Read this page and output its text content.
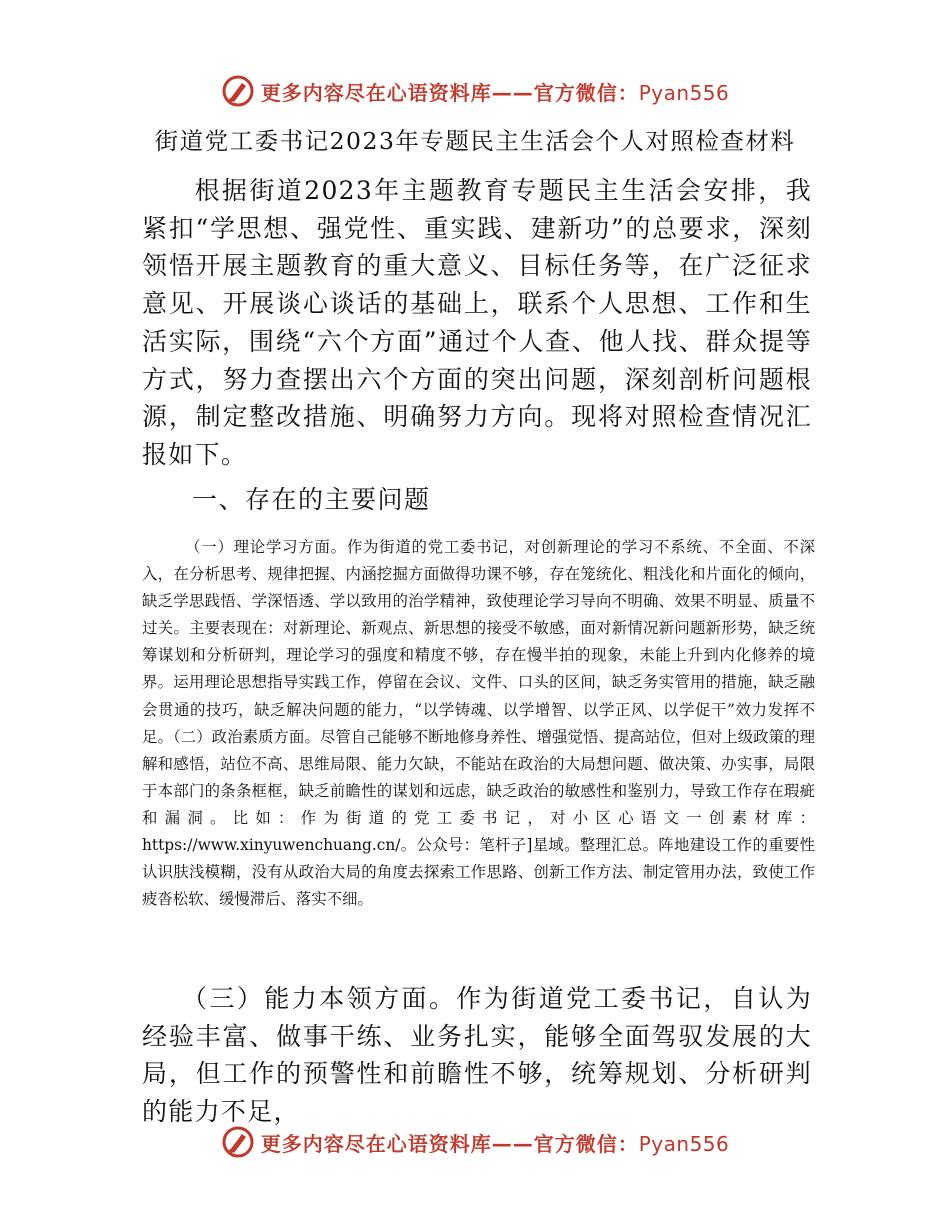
更多内容尽在心语资料库——官方微信：Pyan556
街道党工委书记2023年专题民主生活会个人对照检查材料

根据街道2023年主题教育专题民主生活会安排，我紧扣“学思想、强党性、重实践、建新功”的总要求，深刻领悟开展主题教育的重大意义、目标任务等，在广泛征求意见、开展谈心谈话的基础上，联系个人思想、工作和生活实际，围绕“六个方面”通过个人查、他人找、群众提等方式，努力查摆出六个方面的突出问题，深刻剖析问题根源，制定整改措施、明确努力方向。现将对照检查情况汇报如下。

一、存在的主要问题

（一）理论学习方面。作为街道的党工委书记，对创新理论的学习不系统、不全面、不深入，在分析思考、规律把握、内涵挖掘方面做得功课不够，存在笼统化、粗浅化和片面化的倾向，缺乏学思践悟、学深悟透、学以致用的治学精神，致使理论学习导向不明确、效果不明显、质量不过关。主要表现在：对新理论、新观点、新思想的接受不敏感，面对新情况新问题新形势，缺乏统筹谋划和分析研判，理论学习的强度和精度不够，存在慢半拍的现象，未能上升到内化修养的境界。运用理论思想指导实践工作，停留在会议、文件、口头的区间，缺乏务实管用的措施，缺乏融会贯通的技巧，缺乏解决问题的能力，“以学铸魂、以学增智、以学正风、以学促干”效力发挥不足。（二）政治素质方面。尽管自己能够不断地修身养性、增强觉悟、提高站位，但对上级政策的理解和感悟，站位不高、思维局限、能力欠缺，不能站在政治的大局想问题、做决策、办实事，局限于本部门的条条框框，缺乏前瞻性的谋划和远虑，缺乏政治的敏感性和鉴别力，导致工作存在瑕疵和漏洞。比如：作为街道的党工委书记，对小区心语文一创素材库：https://www.xinyuwenchuang.cn/。公众号：笔杆子]星域。整理汇总。阵地建设工作的重要性认识肤浅模糊，没有从政治大局的角度去探索工作思路、创新工作方法、制定管用办法，致使工作疲沓松软、缓慢滞后、落实不细。

（三）能力本领方面。作为街道党工委书记，自认为经验丰富、做事干练、业务扎实，能够全面驾驭发展的大局，但工作的预警性和前瞻性不够，统筹规划、分析研判的能力不足，

更多内容尽在心语资料库——官方微信：Pyan556
